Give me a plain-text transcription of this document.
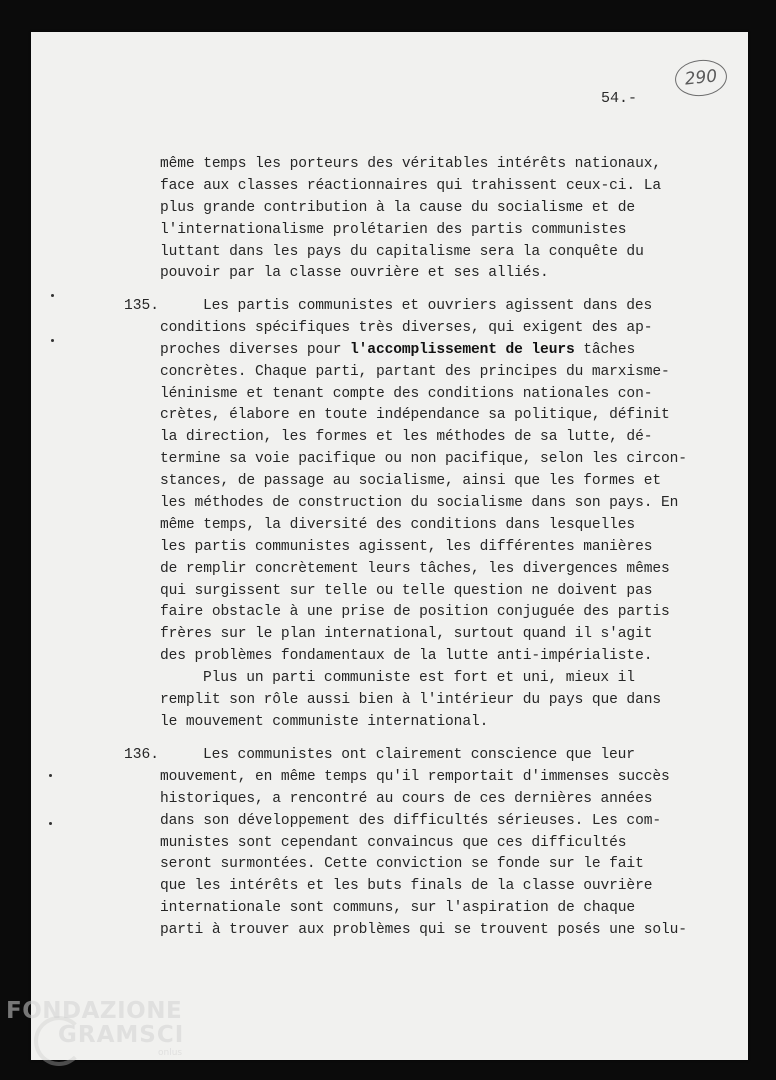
290
54.-
même temps les porteurs des véritables intérêts nationaux,
face aux classes réactionnaires qui trahissent ceux-ci. La
plus grande contribution à la cause du socialisme et de
l'internationalisme prolétarien des partis communistes
luttant dans les pays du capitalisme sera la conquête du
pouvoir par la classe ouvrière et ses alliés.
135.	Les partis communistes et ouvriers agissent dans des
conditions spécifiques très diverses, qui exigent des ap-
proches diverses pour l'accomplissement de leurs tâches
concrètes. Chaque parti, partant des principes du marxisme-
léninisme et tenant compte des conditions nationales con-
crètes, élabore en toute indépendance sa politique, définit
la direction, les formes et les méthodes de sa lutte, dé-
termine sa voie pacifique ou non pacifique, selon les circon-
stances, de passage au socialisme, ainsi que les formes et
les méthodes de construction du socialisme dans son pays. En
même temps, la diversité des conditions dans lesquelles
les partis communistes agissent, les différentes manières
de remplir concrètement leurs tâches, les divergences mêmes
qui surgissent sur telle ou telle question ne doivent pas
faire obstacle à une prise de position conjuguée des partis
frères sur le plan international, surtout quand il s'agit
des problèmes fondamentaux de la lutte anti-impérialiste.
Plus un parti communiste est fort et uni, mieux il
remplit son rôle aussi bien à l'intérieur du pays que dans
le mouvement communiste international.
136.	Les communistes ont clairement conscience que leur
mouvement, en même temps qu'il remportait d'immenses succès
historiques, a rencontré au cours de ces dernières années
dans son développement des difficultés sérieuses. Les com-
munistes sont cependant convaincus que ces difficultés
seront surmontées. Cette conviction se fonde sur le fait
que les intérêts et les buts finals de la classe ouvrière
internationale sont communs, sur l'aspiration de chaque
parti à trouver aux problèmes qui se trouvent posés une solu-
FONDAZIONE
GRAMSCI
onlus
